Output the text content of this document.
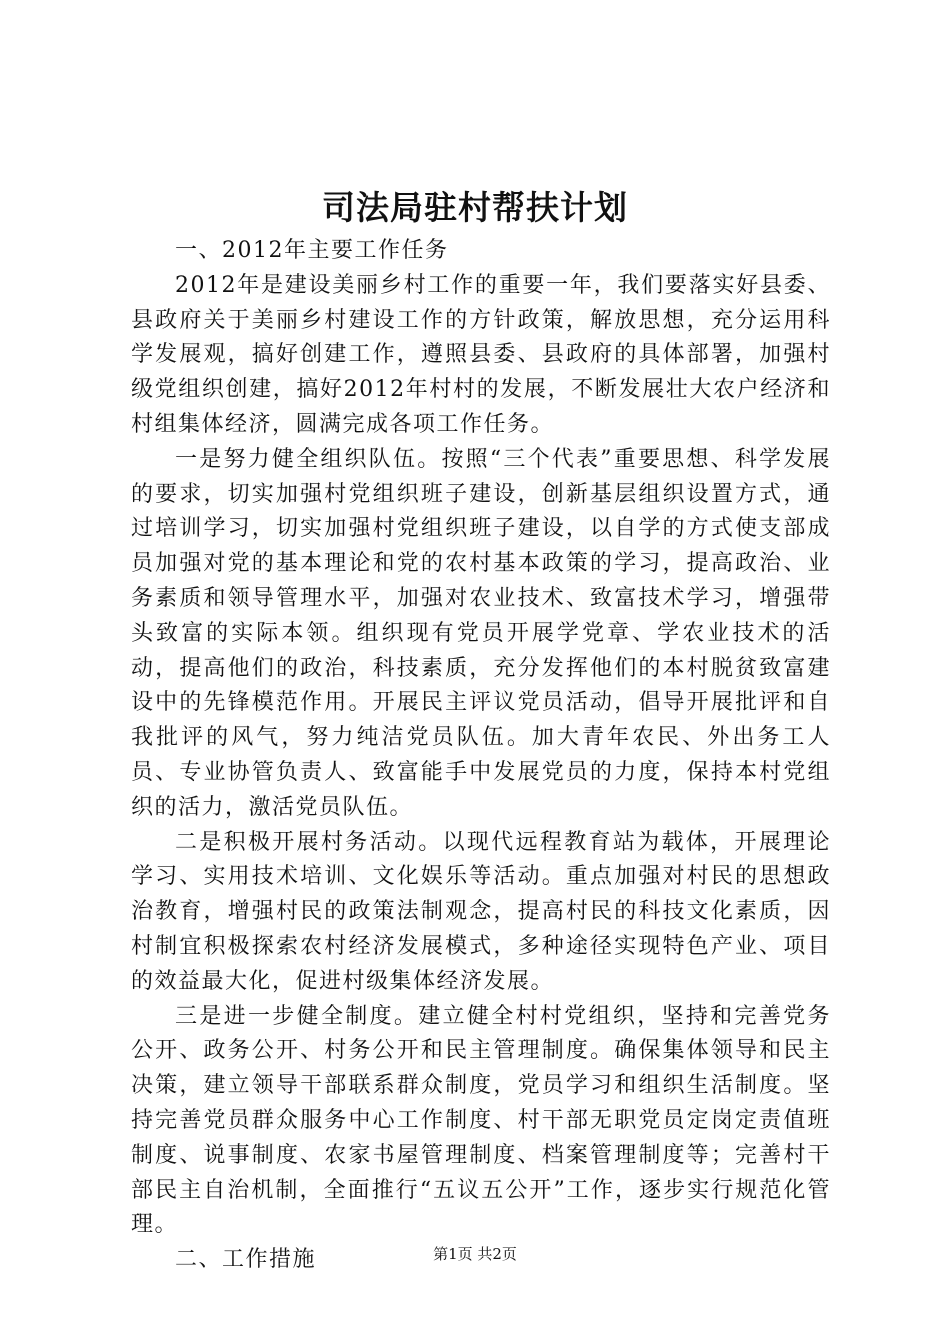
司法局驻村帮扶计划

一、2012年主要工作任务

2012年是建设美丽乡村工作的重要一年，我们要落实好县委、县政府关于美丽乡村建设工作的方针政策，解放思想，充分运用科学发展观，搞好创建工作，遵照县委、县政府的具体部署，加强村级党组织创建，搞好2012年村村的发展，不断发展壮大农户经济和村组集体经济，圆满完成各项工作任务。

一是努力健全组织队伍。按照“三个代表”重要思想、科学发展的要求，切实加强村党组织班子建设，创新基层组织设置方式，通过培训学习，切实加强村党组织班子建设，以自学的方式使支部成员加强对党的基本理论和党的农村基本政策的学习，提高政治、业务素质和领导管理水平，加强对农业技术、致富技术学习，增强带头致富的实际本领。组织现有党员开展学党章、学农业技术的活动，提高他们的政治，科技素质，充分发挥他们的本村脱贫致富建设中的先锋模范作用。开展民主评议党员活动，倡导开展批评和自我批评的风气，努力纯洁党员队伍。加大青年农民、外出务工人员、专业协管负责人、致富能手中发展党员的力度，保持本村党组织的活力，激活党员队伍。

二是积极开展村务活动。以现代远程教育站为载体，开展理论学习、实用技术培训、文化娱乐等活动。重点加强对村民的思想政治教育，增强村民的政策法制观念，提高村民的科技文化素质，因村制宜积极探索农村经济发展模式，多种途径实现特色产业、项目的效益最大化，促进村级集体经济发展。

三是进一步健全制度。建立健全村村党组织，坚持和完善党务公开、政务公开、村务公开和民主管理制度。确保集体领导和民主决策，建立领导干部联系群众制度，党员学习和组织生活制度。坚持完善党员群众服务中心工作制度、村干部无职党员定岗定责值班制度、说事制度、农家书屋管理制度、档案管理制度等；完善村干部民主自治机制，全面推行“五议五公开”工作，逐步实行规范化管理。

二、工作措施	第1页 共2页
